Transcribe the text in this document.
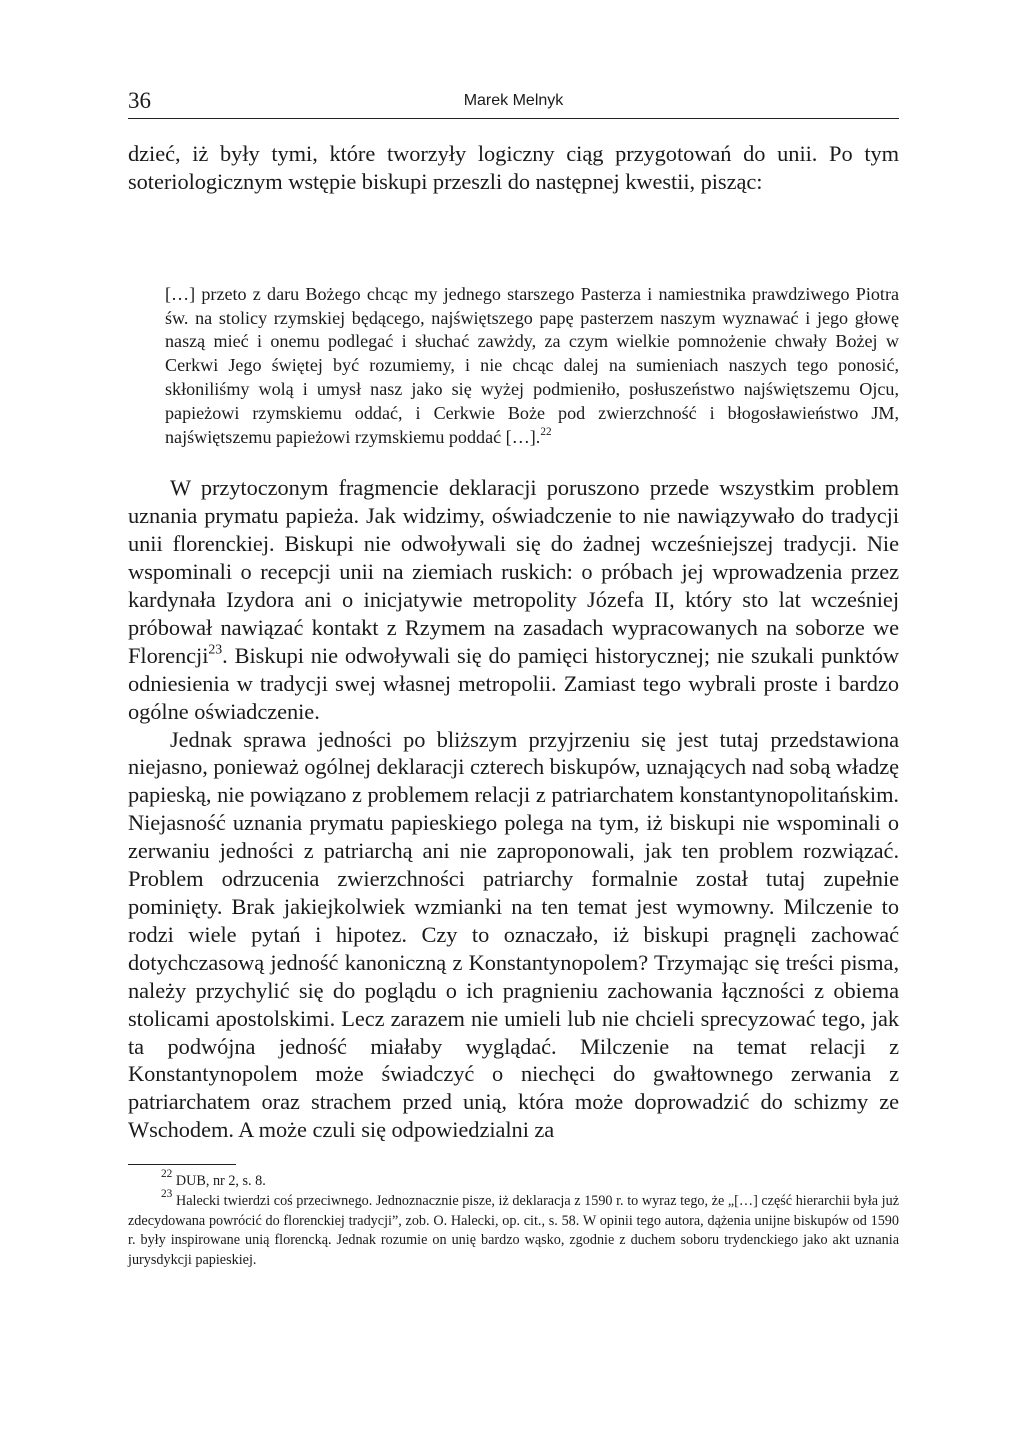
36	Marek Melnyk

dzieć, iż były tymi, które tworzyły logiczny ciąg przygotowań do unii. Po tym soteriologicznym wstępie biskupi przeszli do następnej kwestii, pisząc:

[…] przeto z daru Bożego chcąc my jednego starszego Pasterza i namiestnika prawdziwego Piotra św. na stolicy rzymskiej będącego, najświętszego papę pasterzem naszym wyznawać i jego głowę naszą mieć i onemu podlegać i słuchać zawżdy, za czym wielkie pomnożenie chwały Bożej w Cerkwi Jego świętej być rozumiemy, i nie chcąc dalej na sumieniach naszych tego ponosić, skłoniliśmy wolą i umysł nasz jako się wyżej podmieniło, posłuszeństwo najświętszemu Ojcu, papieżowi rzymskiemu oddać, i Cerkwie Boże pod zwierzchność i błogosławieństwo JM, najświętszemu papieżowi rzymskiemu poddać […].$^{22}$

W przytoczonym fragmencie deklaracji poruszono przede wszystkim problem uznania prymatu papieża. Jak widzimy, oświadczenie to nie nawiązywało do tradycji unii florenckiej. Biskupi nie odwoływali się do żadnej wcześniejszej tradycji. Nie wspominali o recepcji unii na ziemiach ruskich: o próbach jej wprowadzenia przez kardynała Izydora ani o inicjatywie metropolity Józefa II, który sto lat wcześniej próbował nawiązać kontakt z Rzymem na zasadach wypracowanych na soborze we Florencji$^{23}$. Biskupi nie odwoływali się do pamięci historycznej; nie szukali punktów odniesienia w tradycji swej własnej metropolii. Zamiast tego wybrali proste i bardzo ogólne oświadczenie.

Jednak sprawa jedności po bliższym przyjrzeniu się jest tutaj przedstawiona niejasno, ponieważ ogólnej deklaracji czterech biskupów, uznających nad sobą władzę papieską, nie powiązano z problemem relacji z patriarchatem konstantynopolitańskim. Niejasność uznania prymatu papieskiego polega na tym, iż biskupi nie wspominali o zerwaniu jedności z patriarchą ani nie zaproponowali, jak ten problem rozwiązać. Problem odrzucenia zwierzchności patriarchy formalnie został tutaj zupełnie pominięty. Brak jakiejkolwiek wzmianki na ten temat jest wymowny. Milczenie to rodzi wiele pytań i hipotez. Czy to oznaczało, iż biskupi pragnęli zachować dotychczasową jedność kanoniczną z Konstantynopolem? Trzymając się treści pisma, należy przychylić się do poglądu o ich pragnieniu zachowania łączności z obiema stolicami apostolskimi. Lecz zarazem nie umieli lub nie chcieli sprecyzować tego, jak ta podwójna jedność miałaby wyglądać. Milczenie na temat relacji z Konstantynopolem może świadczyć o niechęci do gwałtownego zerwania z patriarchatem oraz strachem przed unią, która może doprowadzić do schizmy ze Wschodem. A może czuli się odpowiedzialni za

$^{22}$ DUB, nr 2, s. 8.

$^{23}$ Halecki twierdzi coś przeciwnego. Jednoznacznie pisze, iż deklaracja z 1590 r. to wyraz tego, że „[…] część hierarchii była już zdecydowana powrócić do florenckiej tradycji”, zob. O. Halecki, op. cit., s. 58. W opinii tego autora, dążenia unijne biskupów od 1590 r. były inspirowane unią florencką. Jednak rozumie on unię bardzo wąsko, zgodnie z duchem soboru trydenckiego jako akt uznania jurysdykcji papieskiej.
